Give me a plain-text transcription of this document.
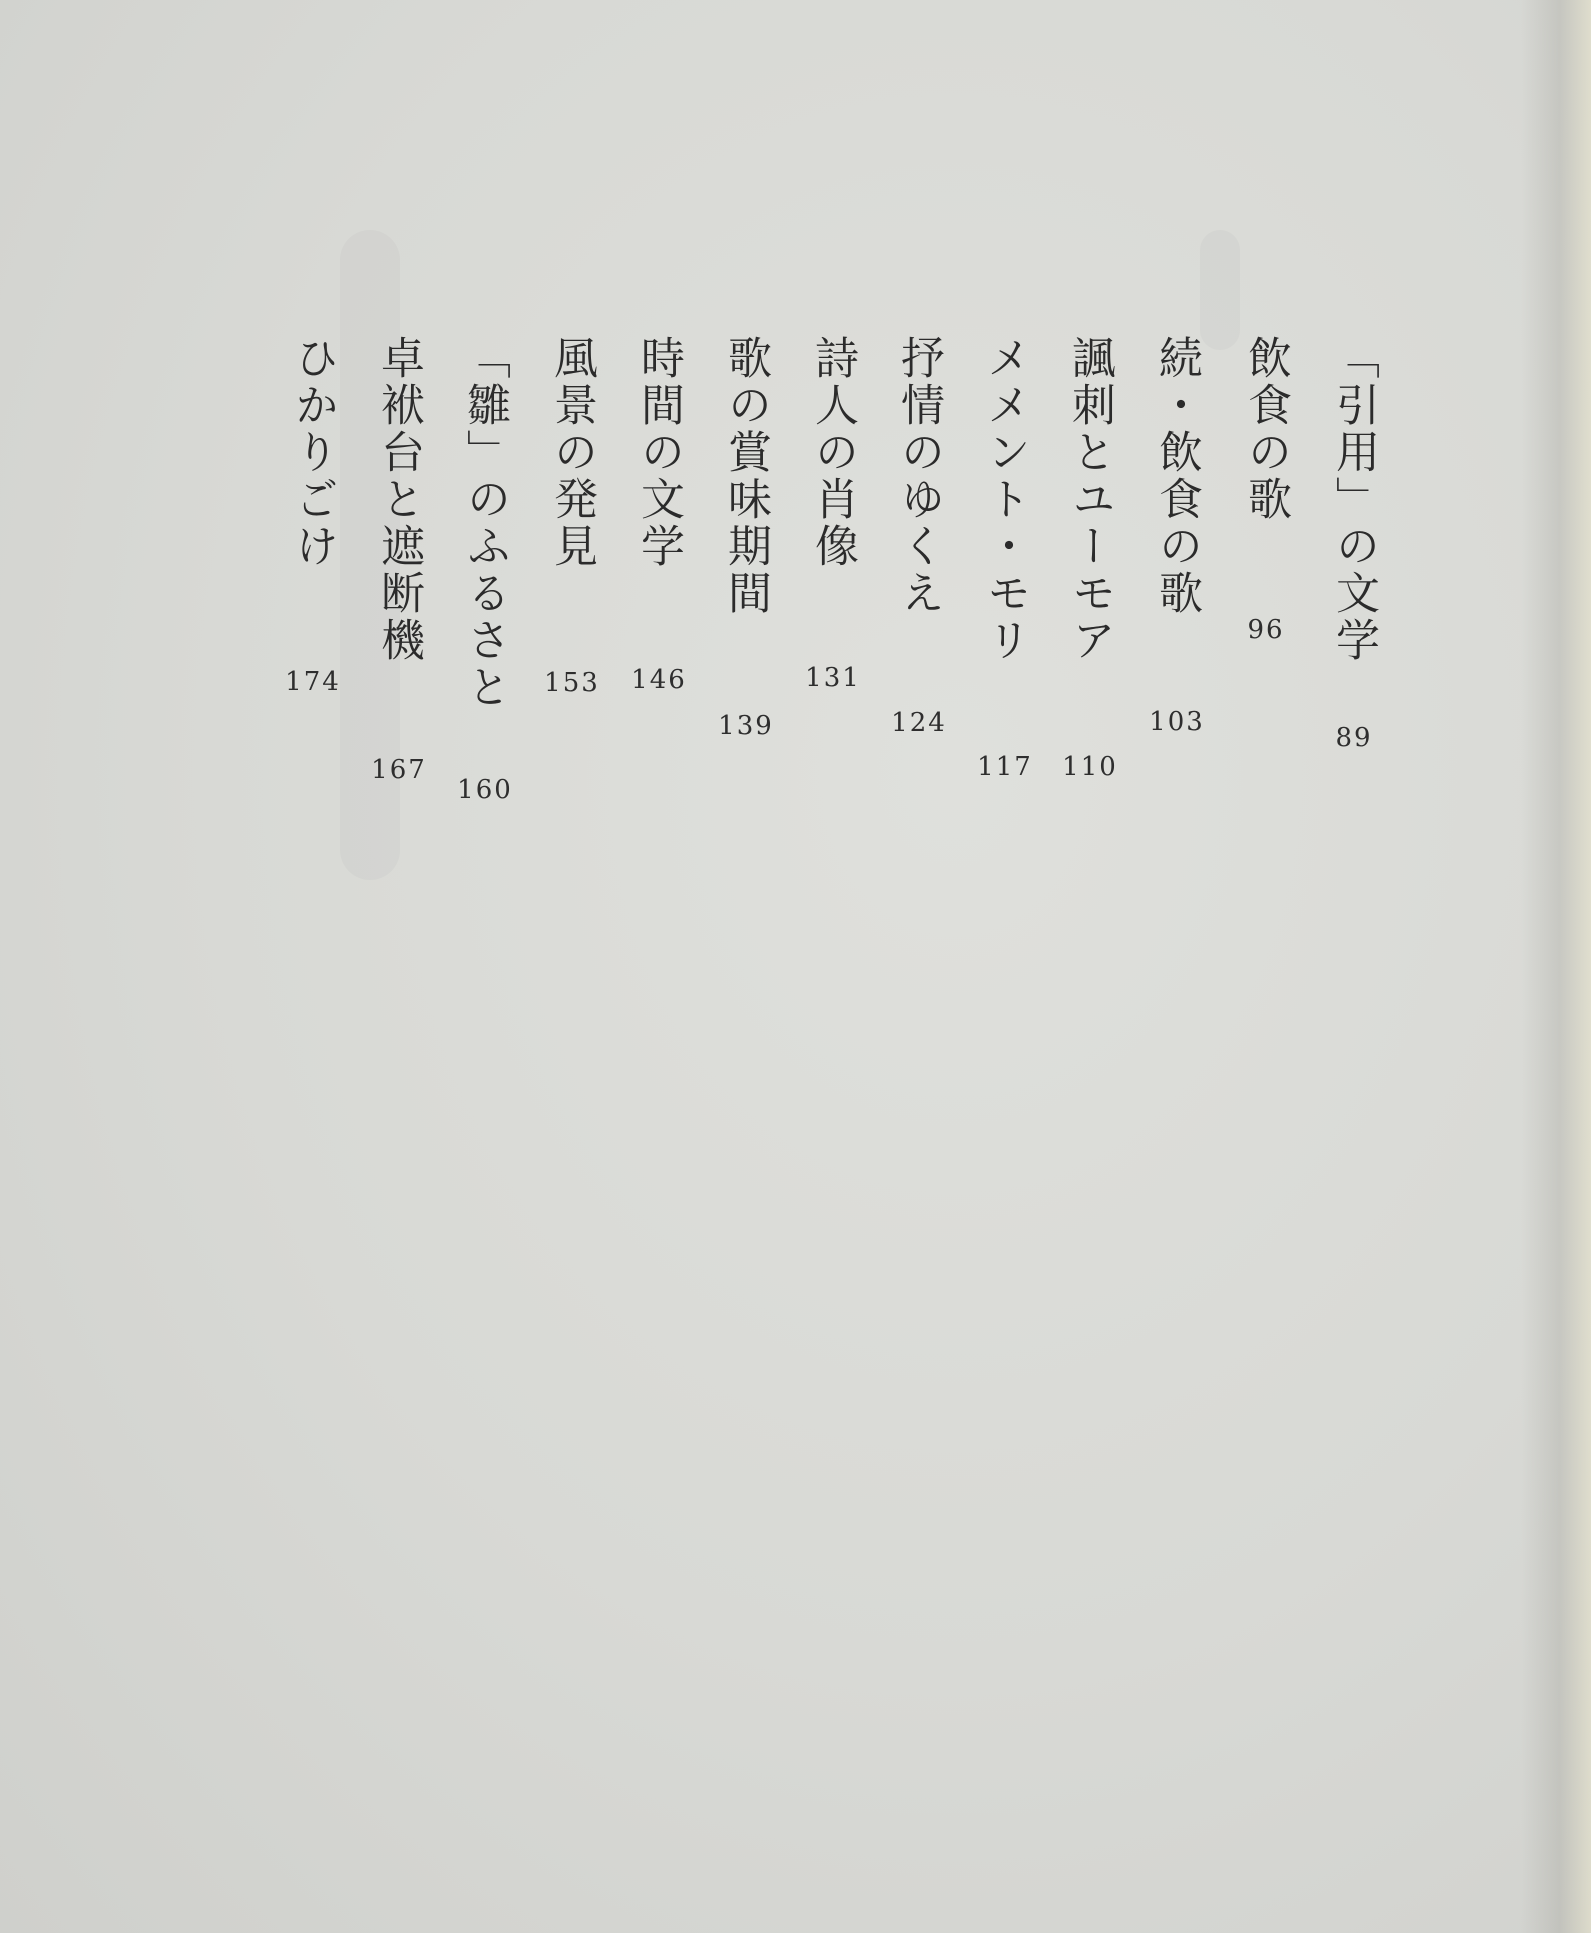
「引用」の文学
89
飲食の歌
96
続・飲食の歌
103
諷刺とユーモア
110
メメント・モリ
117
抒情のゆくえ
124
詩人の肖像
131
歌の賞味期間
139
時間の文学
146
風景の発見
153
「雛」のふるさと
160
卓袱台と遮断機
167
ひかりごけ
174
